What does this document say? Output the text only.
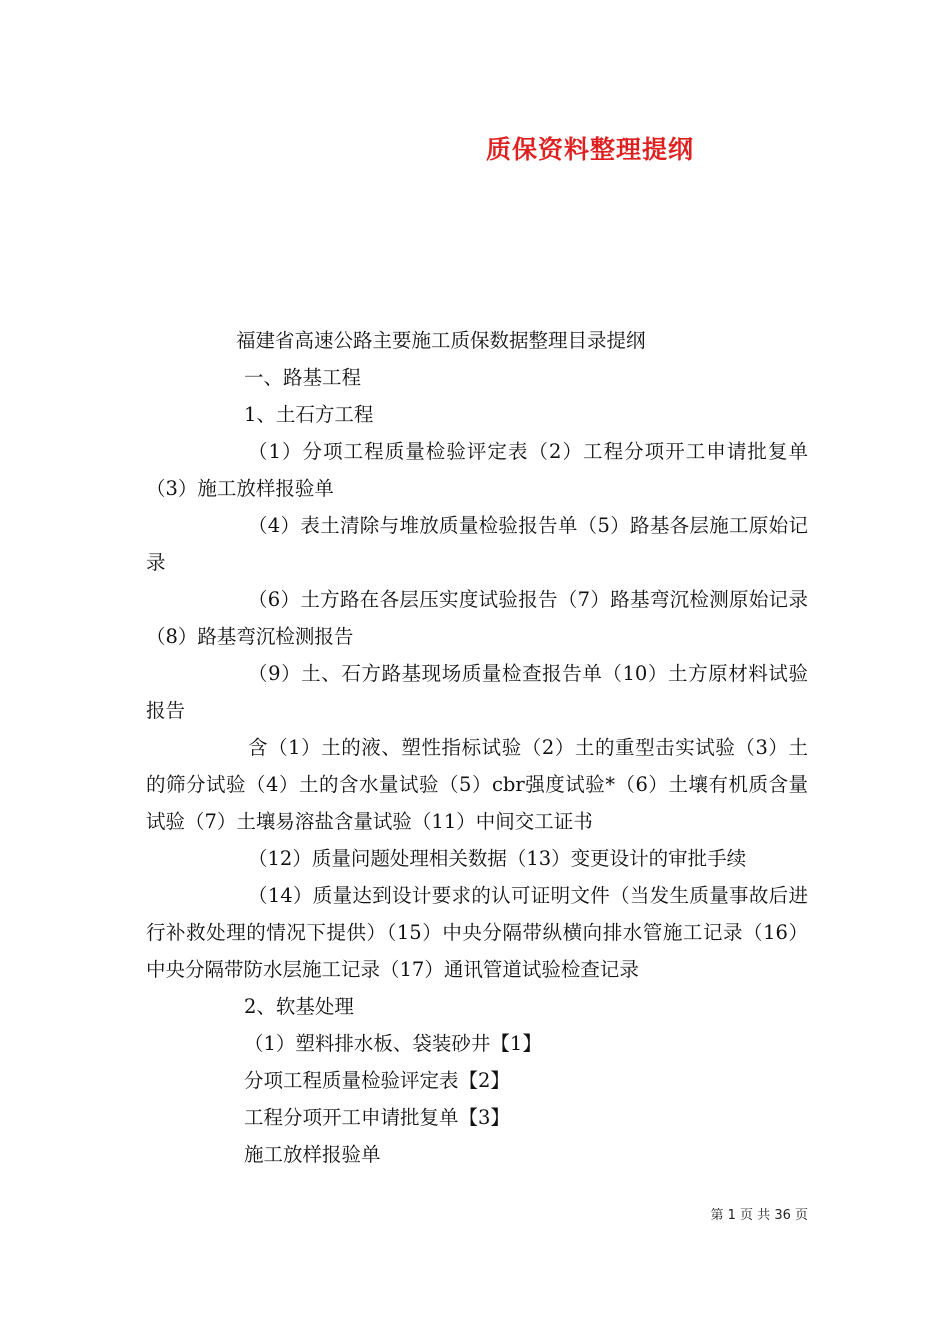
质保资料整理提纲

福建省高速公路主要施工质保数据整理目录提纲

一、路基工程

1、土石方工程

（1）分项工程质量检验评定表（2）工程分项开工申请批复单（3）施工放样报验单

（4）表土清除与堆放质量检验报告单（5）路基各层施工原始记录

（6）土方路在各层压实度试验报告（7）路基弯沉检测原始记录（8）路基弯沉检测报告

（9）土、石方路基现场质量检查报告单（10）土方原材料试验报告

含（1）土的液、塑性指标试验（2）土的重型击实试验（3）土的筛分试验（4）土的含水量试验（5）cbr强度试验*（6）土壤有机质含量试验（7）土壤易溶盐含量试验（11）中间交工证书

（12）质量问题处理相关数据（13）变更设计的审批手续

（14）质量达到设计要求的认可证明文件（当发生质量事故后进行补救处理的情况下提供）（15）中央分隔带纵横向排水管施工记录（16）中央分隔带防水层施工记录（17）通讯管道试验检查记录

2、软基处理

（1）塑料排水板、袋装砂井【1】

分项工程质量检验评定表【2】

工程分项开工申请批复单【3】

施工放样报验单

第 1 页 共 36 页
